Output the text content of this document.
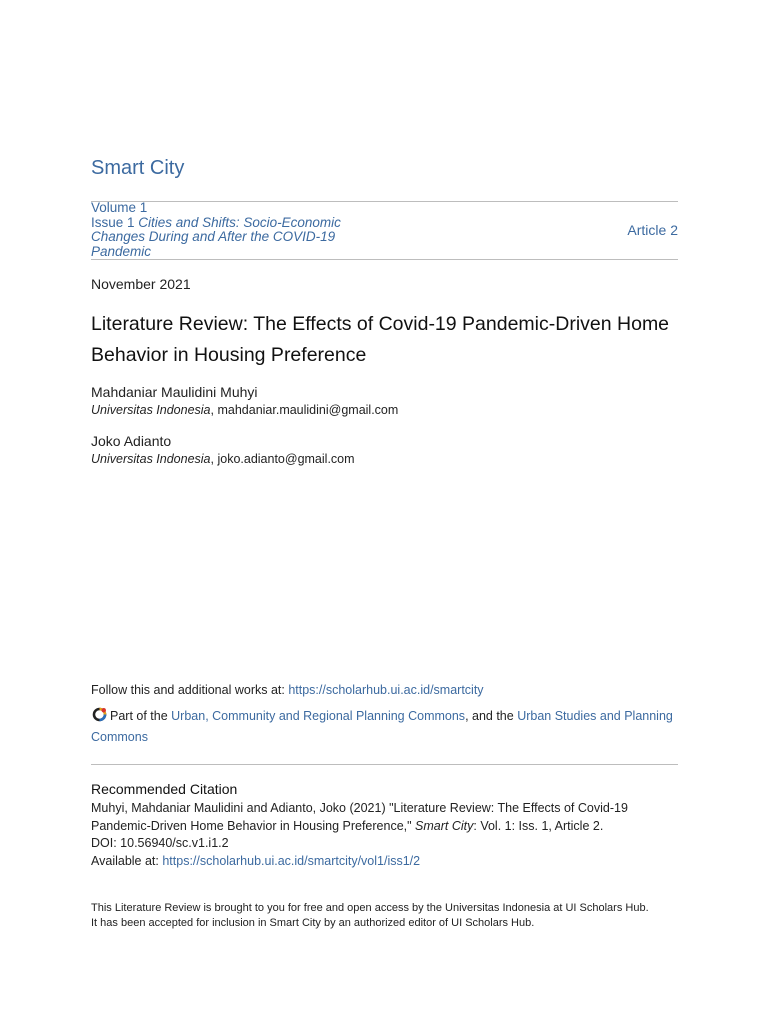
Smart City
Volume 1
Issue 1 Cities and Shifts: Socio-Economic Changes During and After the COVID-19 Pandemic
Article 2
November 2021
Literature Review: The Effects of Covid-19 Pandemic-Driven Home Behavior in Housing Preference
Mahdaniar Maulidini Muhyi
Universitas Indonesia, mahdaniar.maulidini@gmail.com
Joko Adianto
Universitas Indonesia, joko.adianto@gmail.com
Follow this and additional works at: https://scholarhub.ui.ac.id/smartcity
Part of the Urban, Community and Regional Planning Commons, and the Urban Studies and Planning Commons
Recommended Citation
Muhyi, Mahdaniar Maulidini and Adianto, Joko (2021) "Literature Review: The Effects of Covid-19 Pandemic-Driven Home Behavior in Housing Preference," Smart City: Vol. 1: Iss. 1, Article 2.
DOI: 10.56940/sc.v1.i1.2
Available at: https://scholarhub.ui.ac.id/smartcity/vol1/iss1/2
This Literature Review is brought to you for free and open access by the Universitas Indonesia at UI Scholars Hub.
It has been accepted for inclusion in Smart City by an authorized editor of UI Scholars Hub.
